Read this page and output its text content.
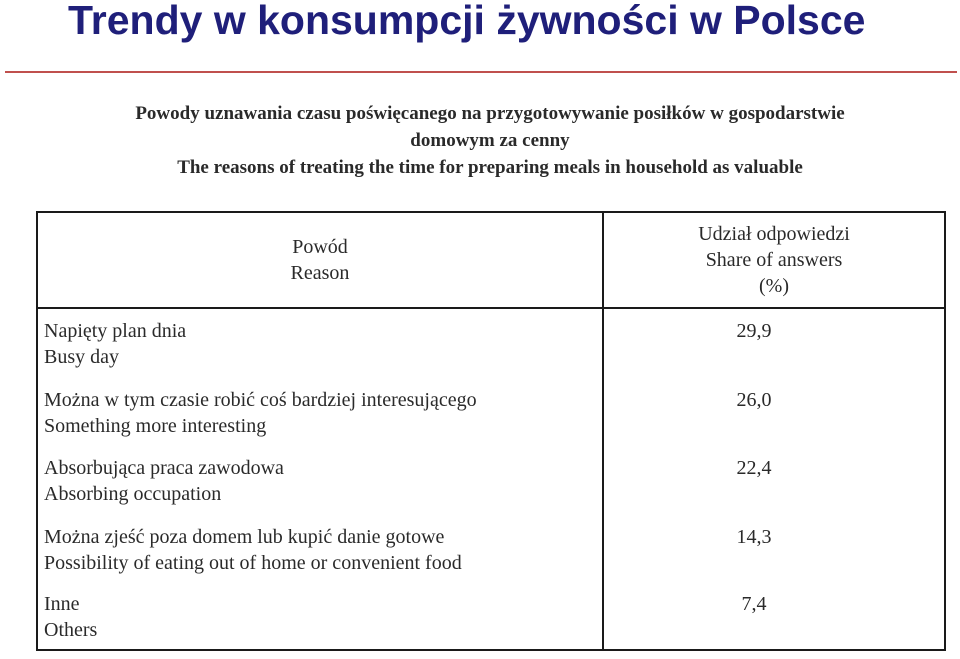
Trendy w konsumpcji żywności w Polsce
Powody uznawania czasu poświęcanego na przygotowywanie posiłków w gospodarstwie
domowym za cenny
The reasons of treating the time for preparing meals in household as valuable
Powód
Reason
Udział odpowiedzi
Share of answers
(%)
Napięty plan dnia
Busy day
29,9
Można w tym czasie robić coś bardziej interesującego
Something more interesting
26,0
Absorbująca praca zawodowa
Absorbing occupation
22,4
Można zjeść poza domem lub kupić danie gotowe
Possibility of eating out of home or convenient food
14,3
Inne
Others
7,4
